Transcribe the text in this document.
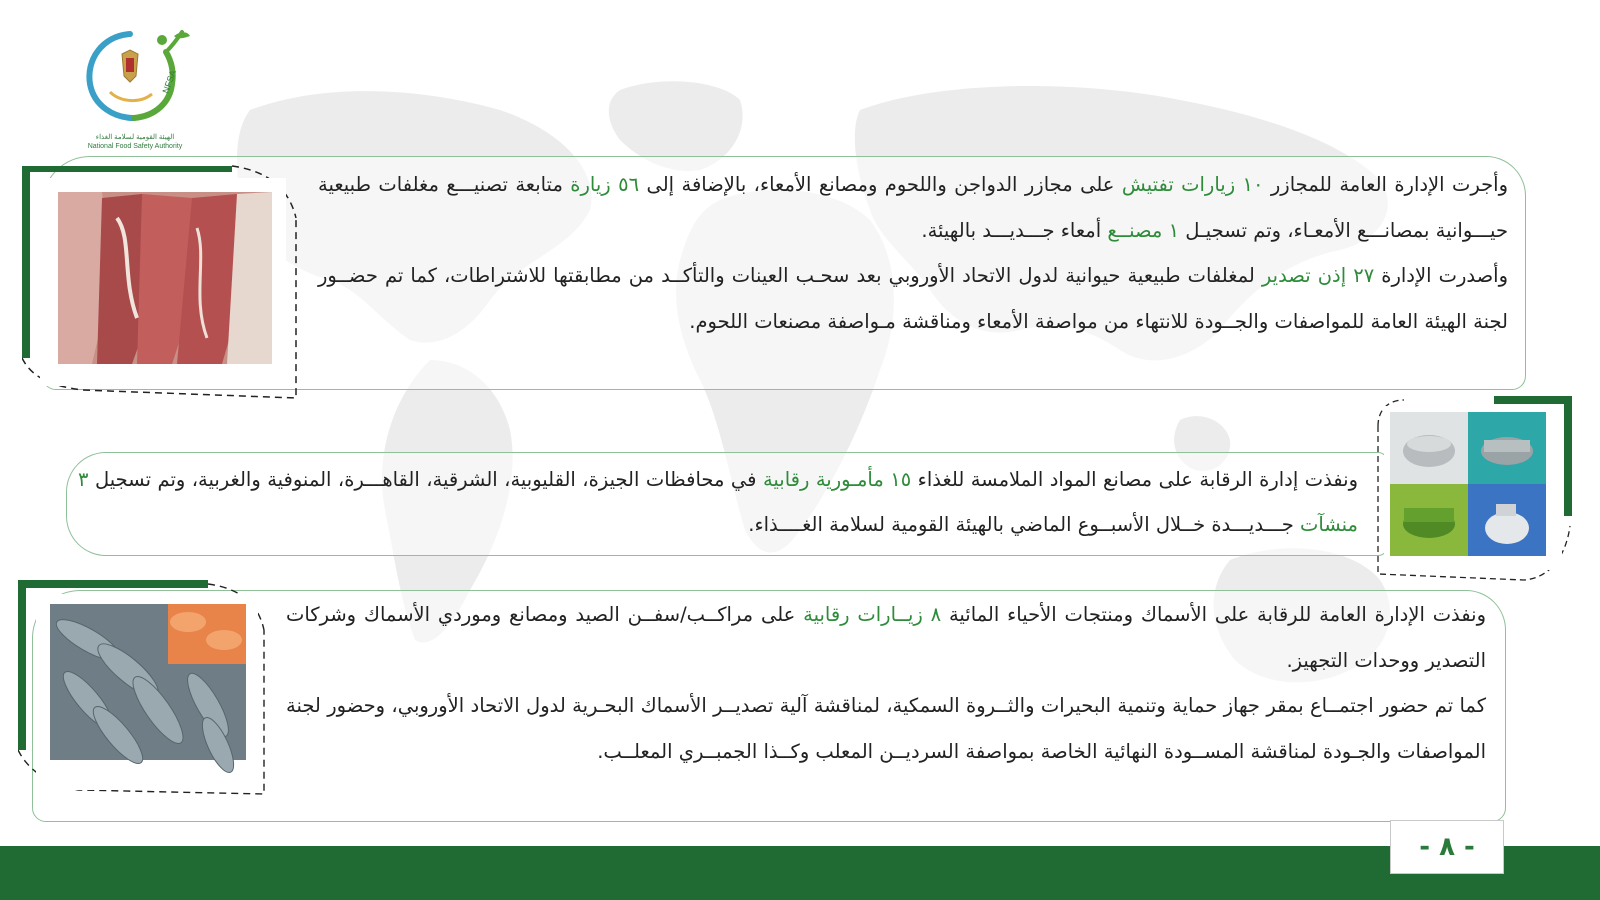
NFSA
الهيئة القومية لسلامة الغذاء
National Food Safety Authority

وأجرت الإدارة العامة للمجازر ١٠ زيارات تفتيش على مجازر الدواجن واللحوم ومصانع الأمعاء، بالإضافة إلى ٥٦ زيارة متابعة تصنيـــع مغلفات طبيعية حيـــوانية بمصانـــع الأمعـاء، وتم تسجيـل ١ مصنــع أمعاء جـــديـــد بالهيئة.

وأصدرت الإدارة ٢٧ إذن تصدير لمغلفات طبيعية حيوانية لدول الاتحاد الأوروبي بعد سحـب العينات والتأكــد من مطابقتها للاشتراطات، كما تم حضــور لجنة الهيئة العامة للمواصفات والجــودة للانتهاء من مواصفة الأمعاء ومناقشة مـواصفة مصنعات اللحوم.

ونفذت إدارة الرقابة على مصانع المواد الملامسة للغذاء ١٥ مأمـورية رقابية في محافظات الجيزة، القليوبية، الشرقية، القاهـــرة، المنوفية والغربية، وتم تسجيل ٣ منشآت جـــديـــدة خــلال الأسبــوع الماضي بالهيئة القومية لسلامة الغــــذاء.

ونفذت الإدارة العامة للرقابة على الأسماك ومنتجات الأحياء المائية ٨ زيــارات رقابية على مراكــب/سفــن الصيد ومصانع وموردي الأسماك وشركات التصدير ووحدات التجهيز.

كما تم حضور اجتمــاع بمقر جهاز حماية وتنمية البحيرات والثــروة السمكية، لمناقشة آلية تصديــر الأسماك البحـرية لدول الاتحاد الأوروبي، وحضور لجنة المواصفات والجـودة لمناقشة المســودة النهائية الخاصة بمواصفة السرديــن المعلب وكــذا الجمبــري المعلــب.

- ٨ -
